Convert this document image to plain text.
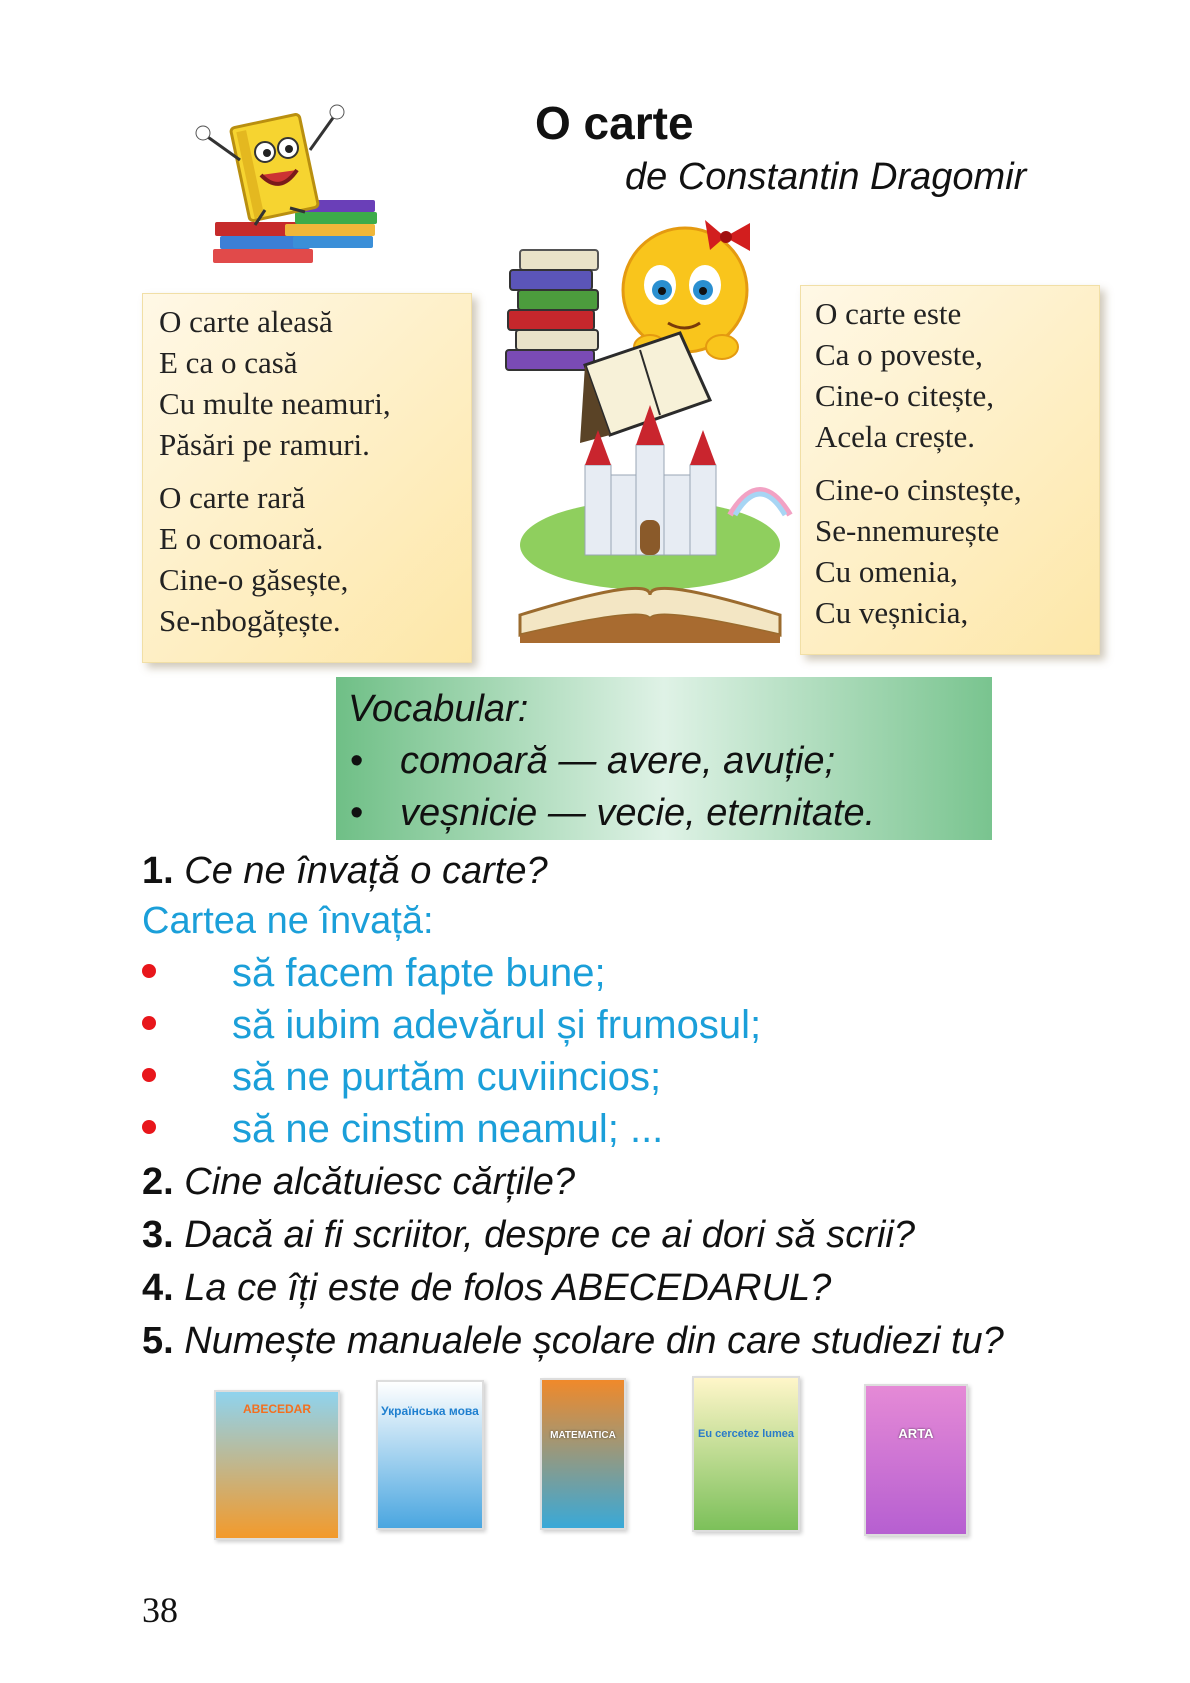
O carte
de Constantin Dragomir
O carte aleasă
E ca o casă
Cu multe neamuri,
Păsări pe ramuri.
O carte rară
E o comoară.
Cine-o găsește,
Se-nbogățește.
O carte este
Ca o poveste,
Cine-o citește,
Acela crește.
Cine-o cinstește,
Se-nnemurește
Cu omenia,
Cu veșnicia,
Vocabular:
• comoară — avere, avuție;
• veșnicie — vecie, eternitate.
1. Ce ne învață o carte?
Cartea ne învață:
să facem fapte bune;
să iubim adevărul și frumosul;
să ne purtăm cuviincios;
să ne cinstim neamul; ...
2. Cine alcătuiesc cărțile?
3. Dacă ai fi scriitor, despre ce ai dori să scrii?
4. La ce îți este de folos ABECEDARUL?
5. Numește manualele școlare din care studiezi tu?
ABECEDAR	Українська мова
MATEMATICA	Eu cercetez lumea	ARTA
38
